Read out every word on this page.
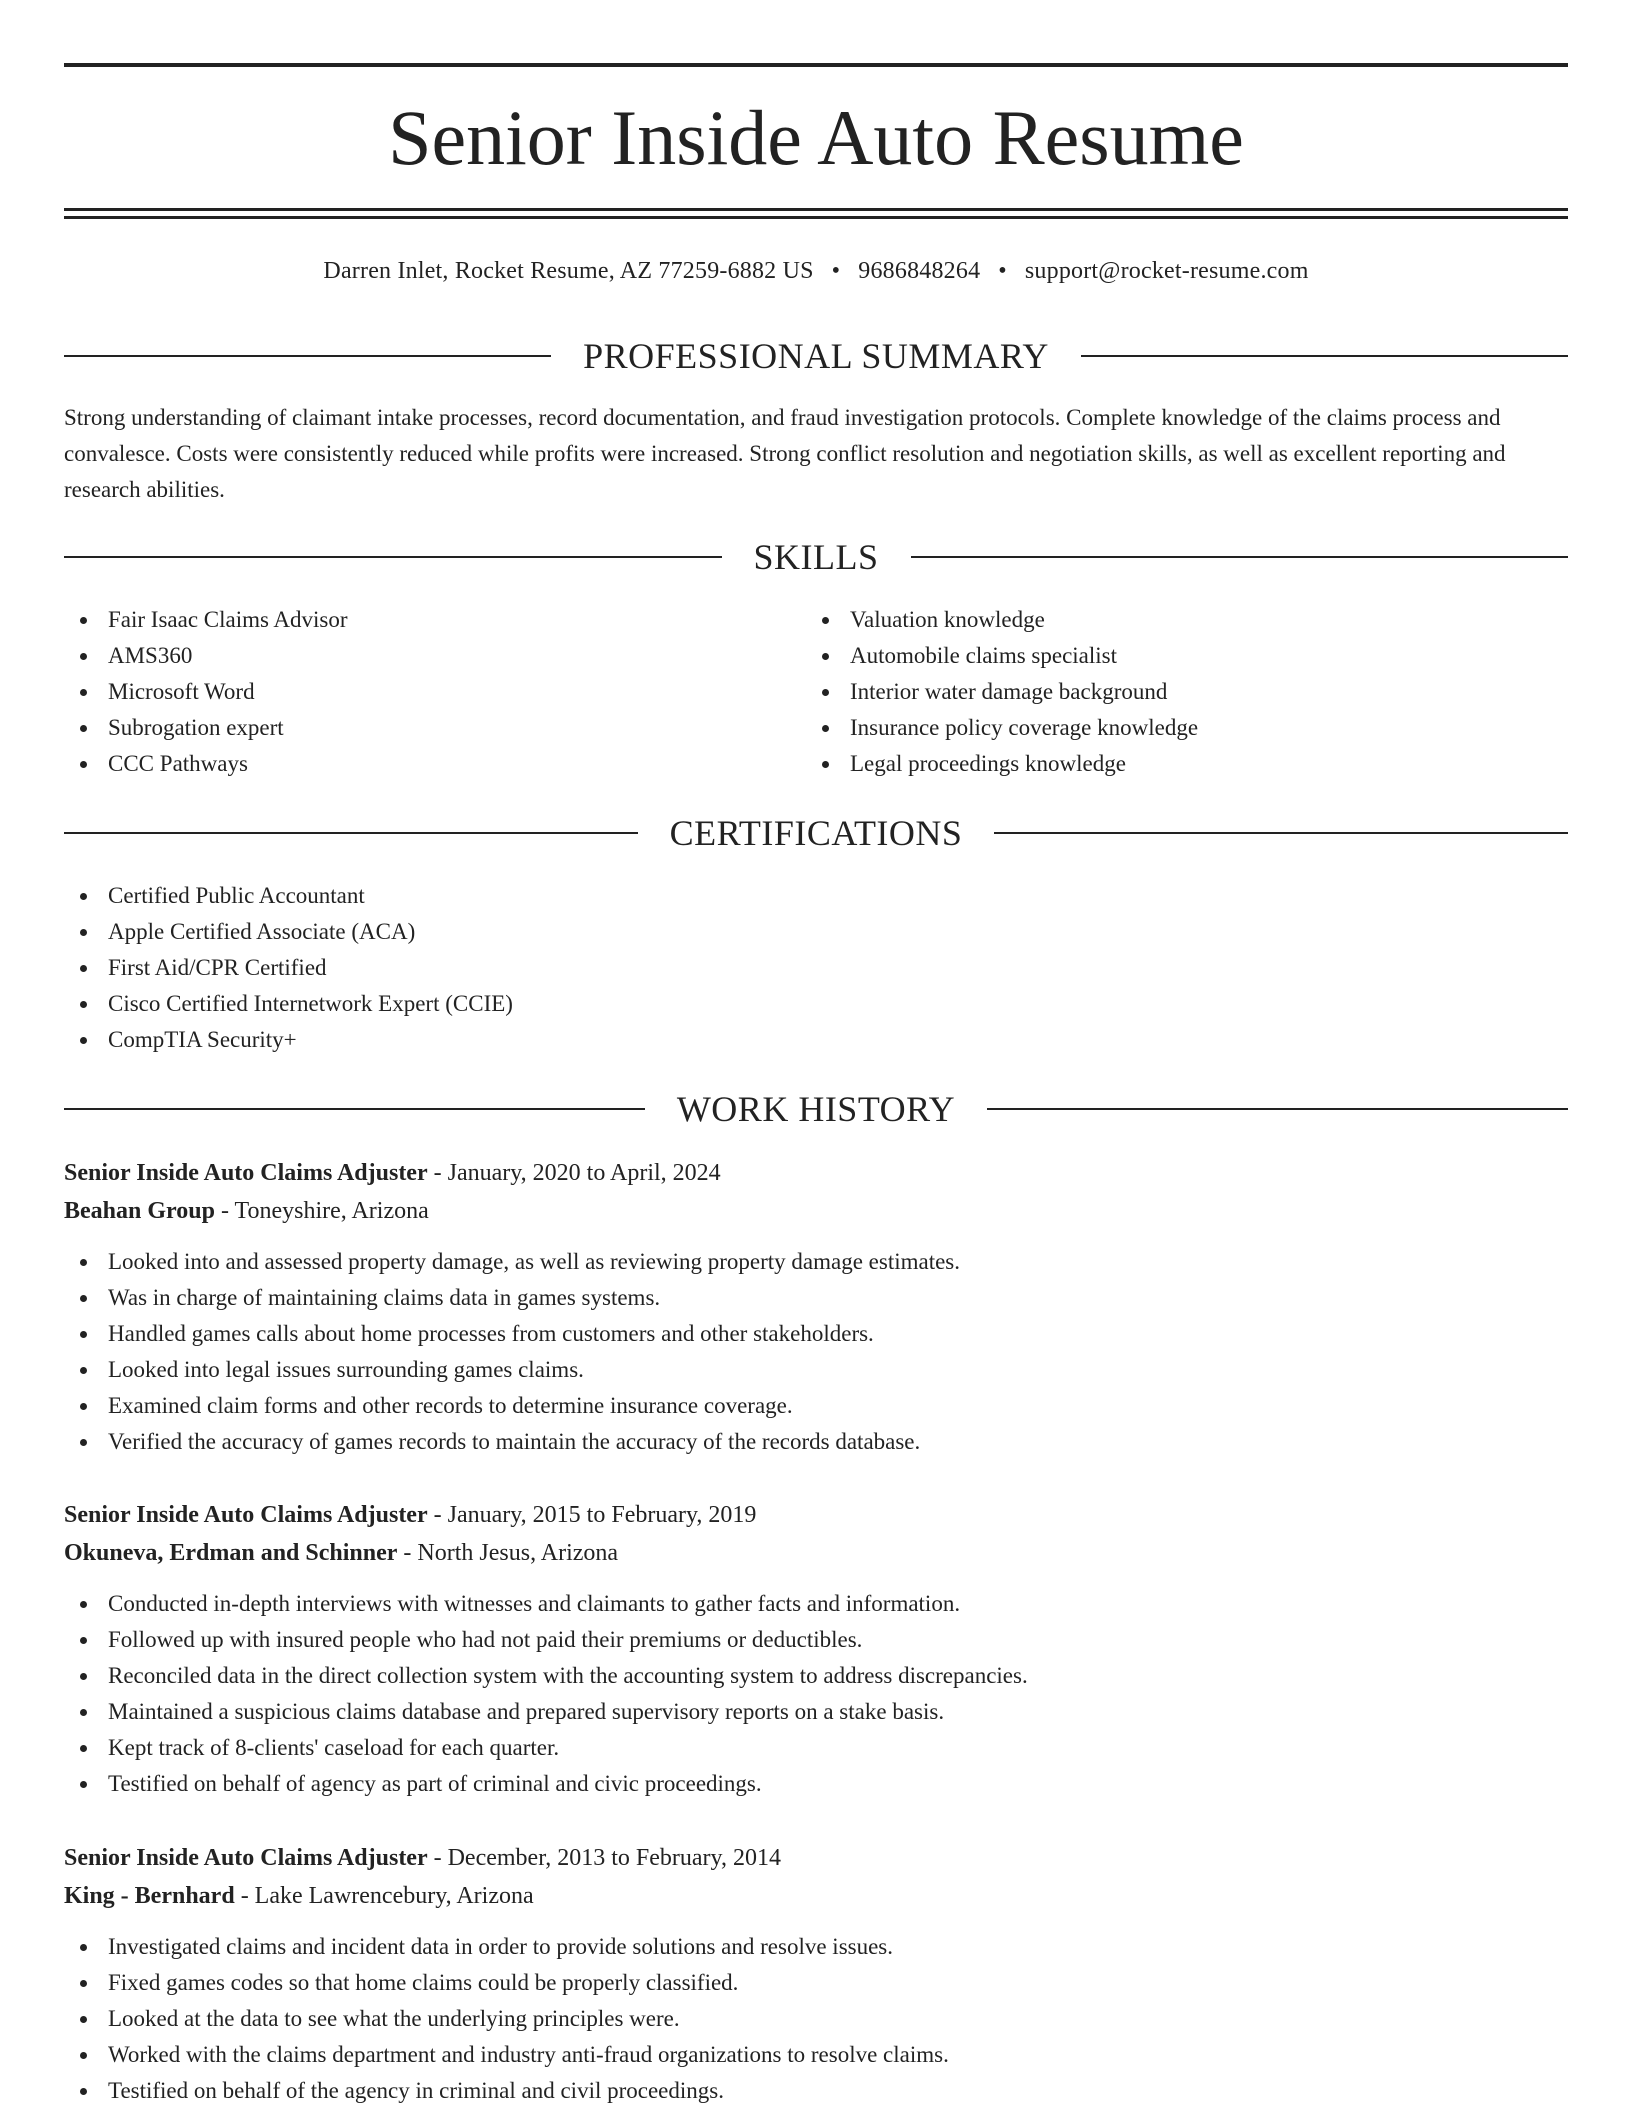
Senior Inside Auto Resume
Darren Inlet, Rocket Resume, AZ 77259-6882 US • 9686848264 • support@rocket-resume.com
PROFESSIONAL SUMMARY

Strong understanding of claimant intake processes, record documentation, and fraud investigation protocols. Complete knowledge of the claims process and convalesce. Costs were consistently reduced while profits were increased. Strong conflict resolution and negotiation skills, as well as excellent reporting and research abilities.

SKILLS
Fair Isaac Claims Advisor
AMS360
Microsoft Word
Subrogation expert
CCC Pathways
Valuation knowledge
Automobile claims specialist
Interior water damage background
Insurance policy coverage knowledge
Legal proceedings knowledge
CERTIFICATIONS
Certified Public Accountant
Apple Certified Associate (ACA)
First Aid/CPR Certified
Cisco Certified Internetwork Expert (CCIE)
CompTIA Security+
WORK HISTORY
Senior Inside Auto Claims Adjuster - January, 2020 to April, 2024
Beahan Group - Toneyshire, Arizona
Looked into and assessed property damage, as well as reviewing property damage estimates.
Was in charge of maintaining claims data in games systems.
Handled games calls about home processes from customers and other stakeholders.
Looked into legal issues surrounding games claims.
Examined claim forms and other records to determine insurance coverage.
Verified the accuracy of games records to maintain the accuracy of the records database.
Senior Inside Auto Claims Adjuster - January, 2015 to February, 2019
Okuneva, Erdman and Schinner - North Jesus, Arizona
Conducted in-depth interviews with witnesses and claimants to gather facts and information.
Followed up with insured people who had not paid their premiums or deductibles.
Reconciled data in the direct collection system with the accounting system to address discrepancies.
Maintained a suspicious claims database and prepared supervisory reports on a stake basis.
Kept track of 8-clients' caseload for each quarter.
Testified on behalf of agency as part of criminal and civic proceedings.
Senior Inside Auto Claims Adjuster - December, 2013 to February, 2014
King - Bernhard - Lake Lawrencebury, Arizona
Investigated claims and incident data in order to provide solutions and resolve issues.
Fixed games codes so that home claims could be properly classified.
Looked at the data to see what the underlying principles were.
Worked with the claims department and industry anti-fraud organizations to resolve claims.
Testified on behalf of the agency in criminal and civil proceedings.
